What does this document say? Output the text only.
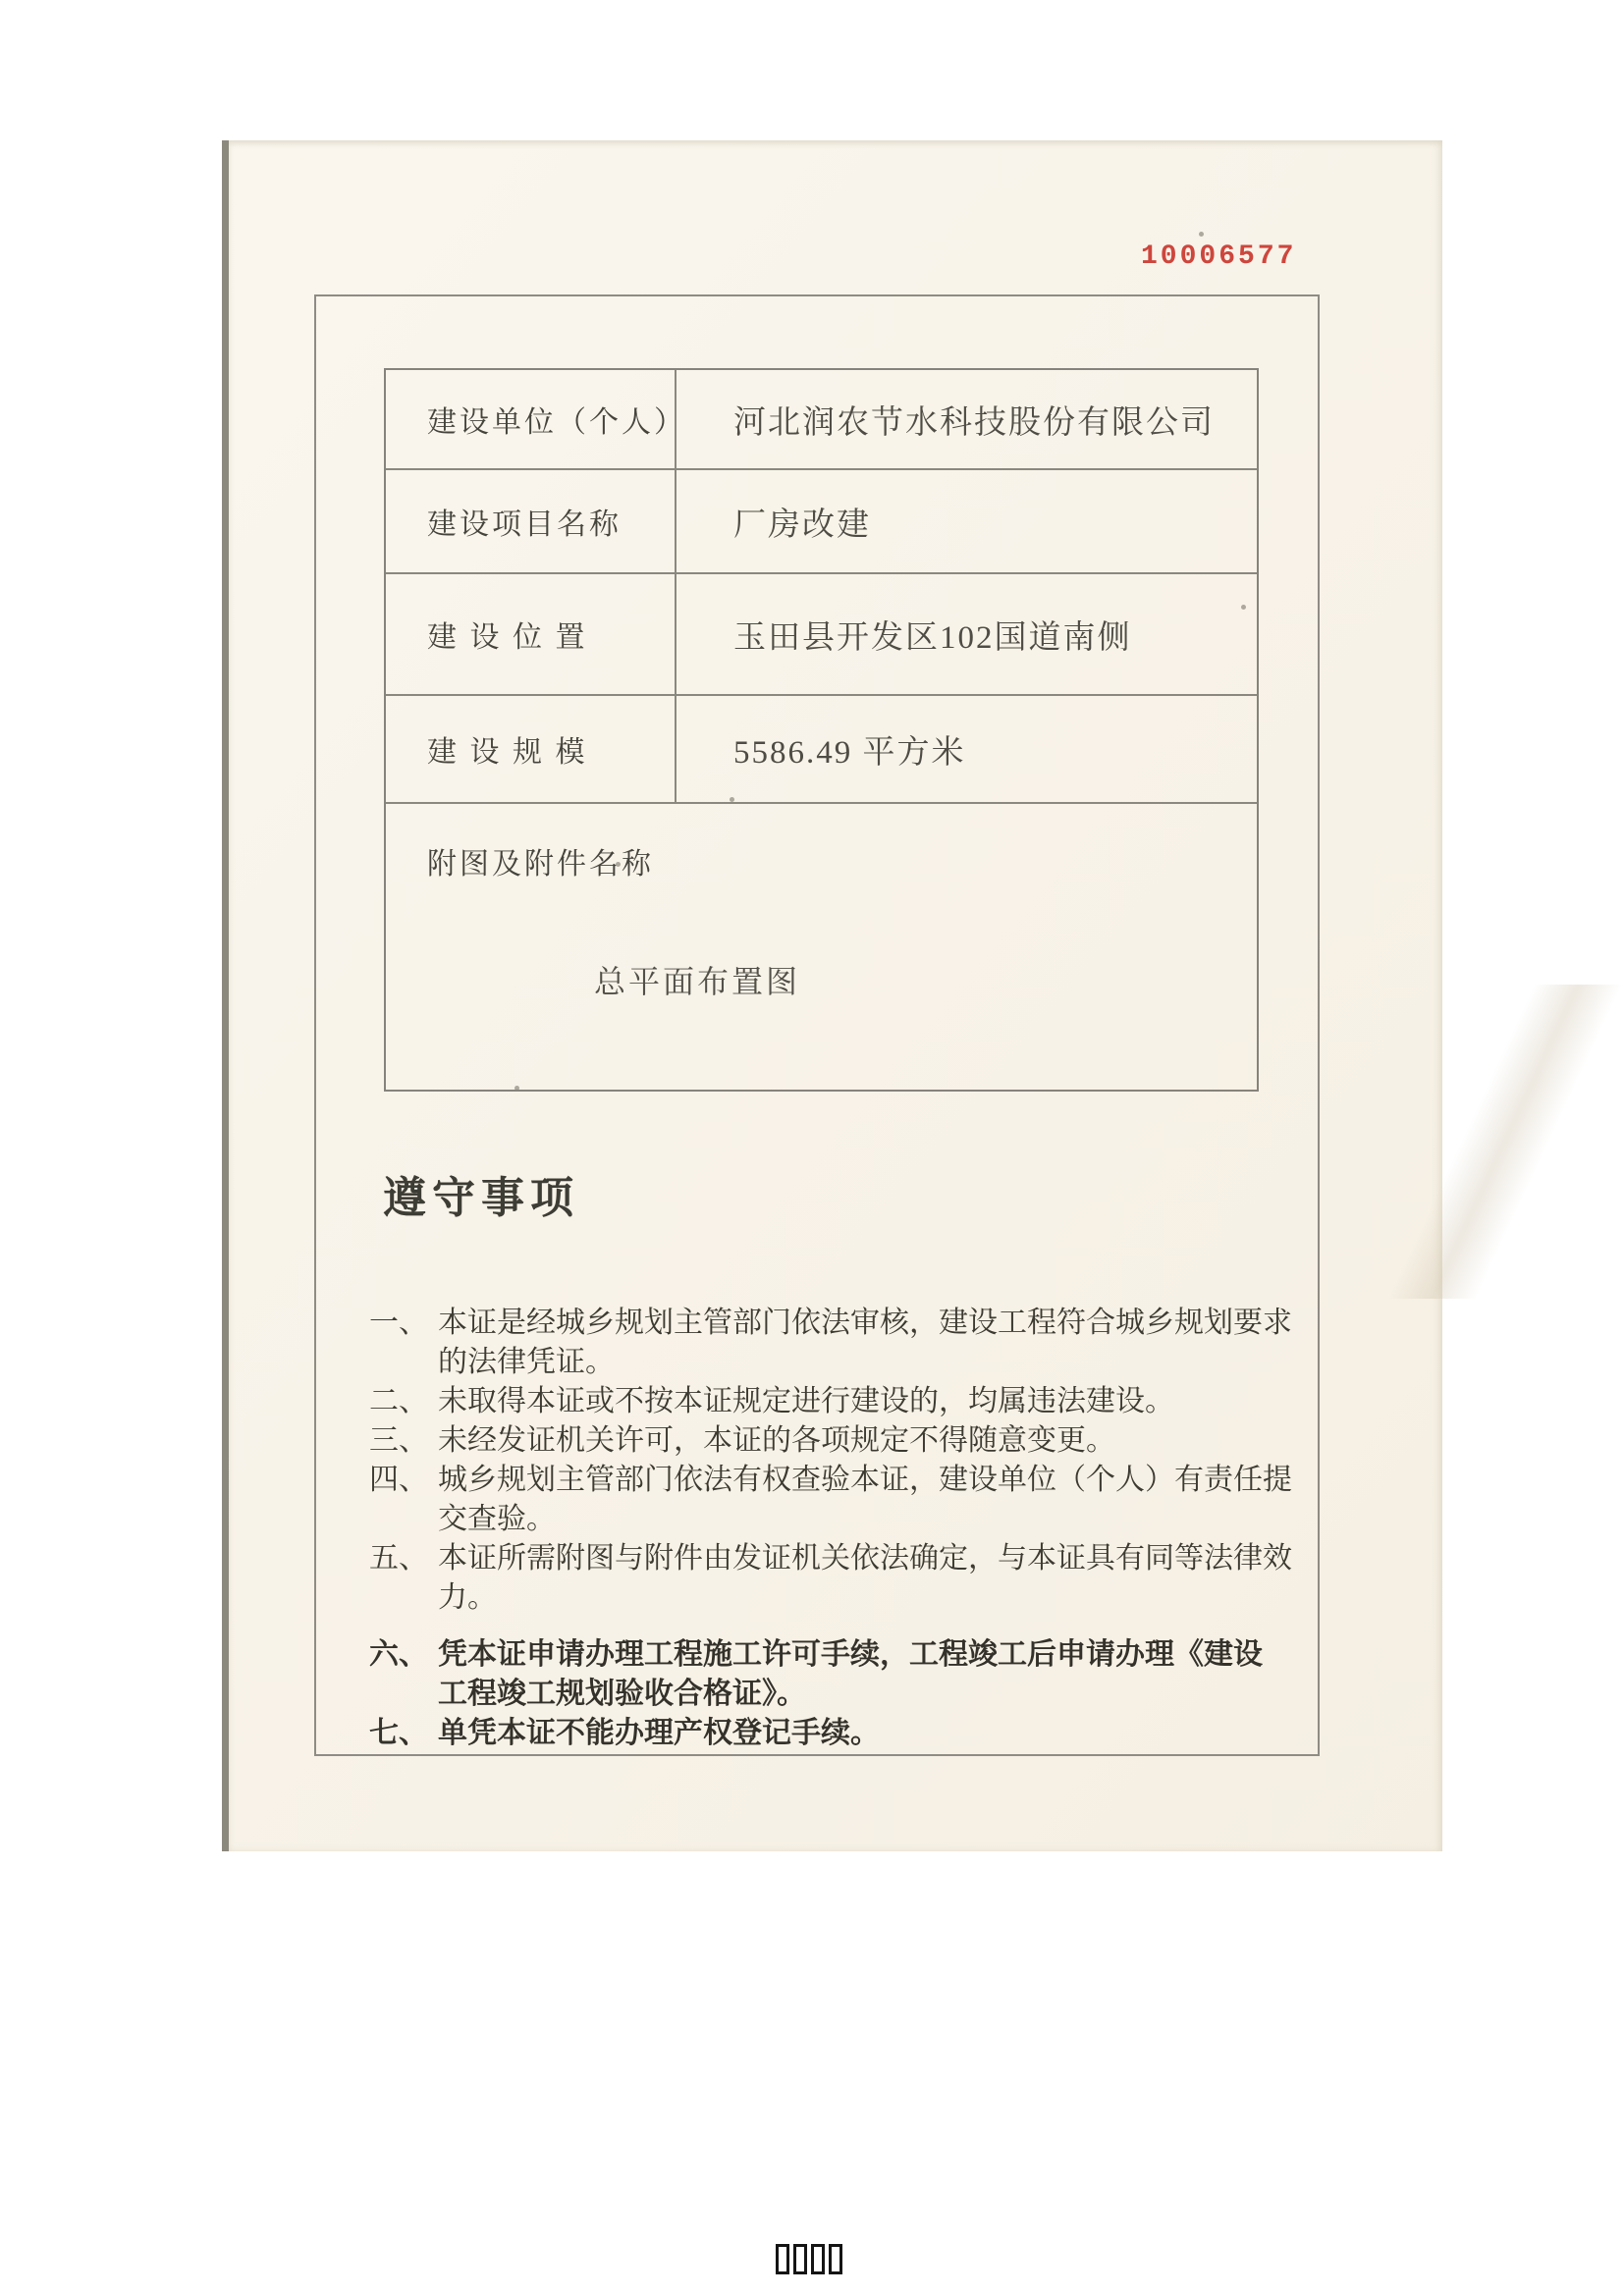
10006577
建设单位（个人）	河北润农节水科技股份有限公司
建设项目名称	厂房改建
建 设 位 置	玉田县开发区102国道南侧
建 设 规 模	5586.49 平方米
附图及附件名称
总平面布置图
遵守事项
一、 本证是经城乡规划主管部门依法审核，建设工程符合城乡规划要求
的法律凭证。
二、 未取得本证或不按本证规定进行建设的，均属违法建设。
三、 未经发证机关许可，本证的各项规定不得随意变更。
四、 城乡规划主管部门依法有权查验本证，建设单位（个人）有责任提
交查验。
五、 本证所需附图与附件由发证机关依法确定，与本证具有同等法律效
力。
六、 凭本证申请办理工程施工许可手续，工程竣工后申请办理《建设
工程竣工规划验收合格证》。
七、 单凭本证不能办理产权登记手续。
